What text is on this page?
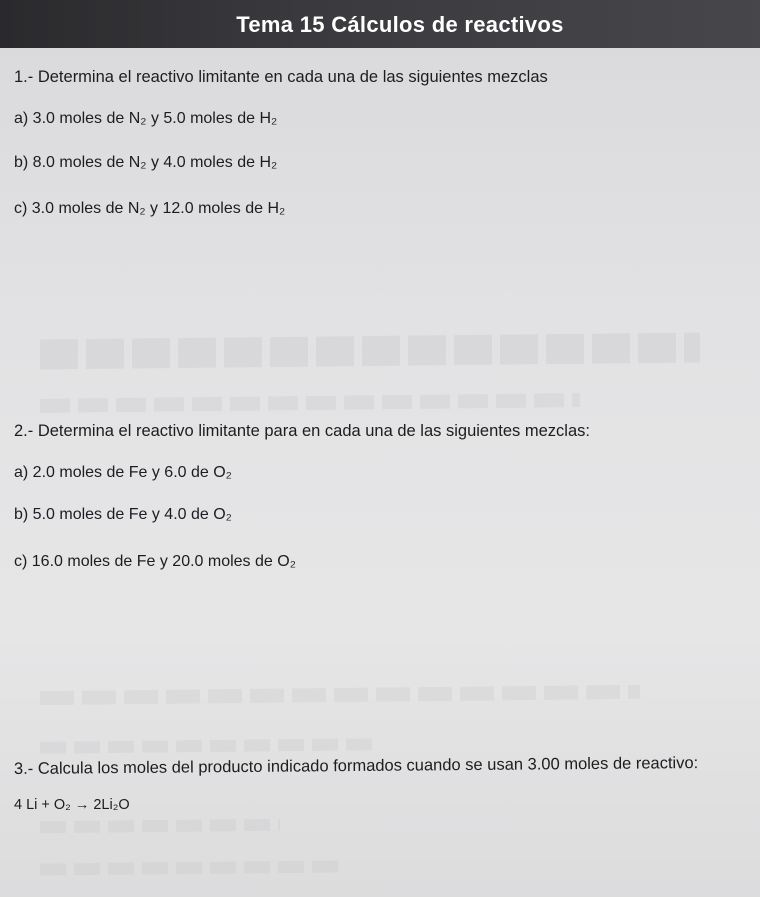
Tema 15 Cálculos de reactivos
1.- Determina el reactivo limitante en cada una de las siguientes mezclas
a) 3.0 moles de N₂ y 5.0 moles de H₂
b) 8.0 moles de N₂ y 4.0 moles de H₂
c) 3.0 moles de N₂ y 12.0 moles de H₂
2.- Determina el reactivo limitante para en cada una de las siguientes mezclas:
a) 2.0 moles de Fe y 6.0 de O₂
b) 5.0 moles de Fe y 4.0 de O₂
c) 16.0 moles de Fe y 20.0 moles de O₂
3.- Calcula los moles del producto indicado formados cuando se usan 3.00 moles de reactivo:
4 Li + O₂ → 2Li₂O
